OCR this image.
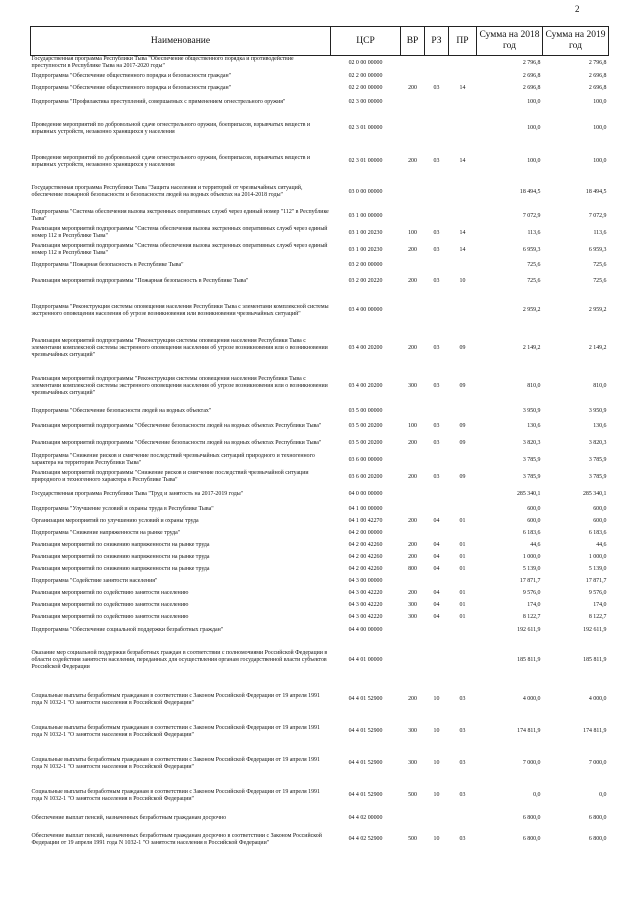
2
Наименование	ЦСР	ВР	РЗ	ПР	Сумма на 2018 год	Сумма на 2019 год
Государственная программа Республики Тыва "Обеспечение общественного порядка и противодействие преступности в Республике Тыва на 2017-2020 годы"	02 0 00 00000				2 796,8	2 796,8
Подпрограмма "Обеспечение общественного порядка и безопасности граждан"	02 2 00 00000				2 696,8	2 696,8
Подпрограмма "Обеспечение общественного порядка и безопасности граждан"	02 2 00 00000	200	03	14	2 696,8	2 696,8
Подпрограмма "Профилактика преступлений, совершаемых с применением огнестрельного оружия"	02 3 00 00000				100,0	100,0
Проведение мероприятий по добровольной сдаче огнестрельного оружия, боеприпасов, взрывчатых веществ и взрывных устройств, незаконно хранящихся у населения	02 3 01 00000				100,0	100,0
Проведение мероприятий по добровольной сдаче огнестрельного оружия, боеприпасов, взрывчатых веществ и взрывных устройств, незаконно хранящихся у населения	02 3 01 00000	200	03	14	100,0	100,0
Государственная программа Республики Тыва "Защита населения и территорий от чрезвычайных ситуаций, обеспечение пожарной безопасности и безопасности людей на водных объектах на 2014-2018 годы"	03 0 00 00000				18 494,5	18 494,5
Подпрограмма "Система обеспечения вызова экстренных оперативных служб через единый номер "112" в Республике Тыва"	03 1 00 00000				7 072,9	7 072,9
Реализация мероприятий подпрограммы "Система обеспечения вызова экстренных оперативных служб через единый номер 112 в Республике Тыва"	03 1 00 20230	100	03	14	113,6	113,6
Реализация мероприятий подпрограммы "Система обеспечения вызова экстренных оперативных служб через единый номер 112 в Республике Тыва"	03 1 00 20230	200	03	14	6 959,3	6 959,3
Подпрограмма "Пожарная безопасность в Республике Тыва"	03 2 00 00000				725,6	725,6
Реализация мероприятий подпрограммы "Пожарная безопасность в Республике Тыва"	03 2 00 20220	200	03	10	725,6	725,6
Подпрограмма "Реконструкция системы оповещения населения Республики Тыва с элементами комплексной системы экстренного оповещения населения об угрозе возникновения или возникновении чрезвычайных ситуаций"	03 4 00 00000				2 959,2	2 959,2
Реализация мероприятий подпрограммы "Реконструкция системы оповещения населения Республики Тыва с элементами комплексной системы экстренного оповещения населения об угрозе возникновения или о возникновении чрезвычайных ситуаций"	03 4 00 20200	200	03	09	2 149,2	2 149,2
Реализация мероприятий подпрограммы "Реконструкция системы оповещения населения Республики Тыва с элементами комплексной системы экстренного оповещения населения об угрозе возникновения или о возникновении чрезвычайных ситуаций"	03 4 00 20200	300	03	09	810,0	810,0
Подпрограмма "Обеспечение безопасности людей на водных объектах"	03 5 00 00000				3 950,9	3 950,9
Реализация мероприятий подпрограммы "Обеспечение безопасности людей на водных объектах Республики Тыва"	03 5 00 20200	100	03	09	130,6	130,6
Реализация мероприятий подпрограммы "Обеспечение безопасности людей на водных объектах Республики Тыва"	03 5 00 20200	200	03	09	3 820,3	3 820,3
Подпрограмма "Снижение рисков и смягчение последствий чрезвычайных ситуаций природного и техногенного характера на территории Республики Тыва"	03 6 00 00000				3 785,9	3 785,9
Реализация мероприятий подпрограммы "Снижение рисков и смягчение последствий чрезвычайной ситуации природного и техногенного характера в Республике Тыва"	03 6 00 20200	200	03	09	3 785,9	3 785,9
Государственная программа Республики Тыва "Труд и занятость на 2017-2019 годы"	04 0 00 00000				285 340,1	285 340,1
Подпрограмма "Улучшение условий и охраны труда в Республике Тыва"	04 1 00 00000				600,0	600,0
Организация мероприятий по улучшению условий и охраны труда	04 1 00 42270	200	04	01	600,0	600,0
Подпрограмма "Снижение напряженности на рынке труда"	04 2 00 00000				6 183,6	6 183,6
Реализация мероприятий по снижению напряженности на рынке труда	04 2 00 42260	200	04	01	44,6	44,6
Реализация мероприятий по снижению напряженности на рынке труда	04 2 00 42260	200	04	01	1 000,0	1 000,0
Реализация мероприятий по снижению напряженности на рынке труда	04 2 00 42260	800	04	01	5 139,0	5 139,0
Подпрограмма "Содействие занятости населения"	04 3 00 00000				17 871,7	17 871,7
Реализация мероприятий по содействию занятости населению	04 3 00 42220	200	04	01	9 576,0	9 576,0
Реализация мероприятий по содействию занятости населению	04 3 00 42220	300	04	01	174,0	174,0
Реализация мероприятий по содействию занятости населению	04 3 00 42220	300	04	01	8 122,7	8 122,7
Подпрограмма "Обеспечение социальной поддержки безработных граждан"	04 4 00 00000				192 611,9	192 611,9
Оказание мер социальной поддержки безработных граждан в соответствии с полномочиями Российской Федерации в области содействия занятости населения, переданных для осуществления органам государственной власти субъектов Российской Федерации	04 4 01 00000				185 811,9	185 811,9
Социальные выплаты безработным гражданам в соответствии с Законом Российской Федерации от 19 апреля 1991 года N 1032-1 "О занятости населения в Российской Федерации"	04 4 01 52900	200	10	03	4 000,0	4 000,0
Социальные выплаты безработным гражданам в соответствии с Законом Российской Федерации от 19 апреля 1991 года N 1032-1 "О занятости населения в Российской Федерации"	04 4 01 52900	300	10	03	174 811,9	174 811,9
Социальные выплаты безработным гражданам в соответствии с Законом Российской Федерации от 19 апреля 1991 года N 1032-1 "О занятости населения в Российской Федерации"	04 4 01 52900	300	10	03	7 000,0	7 000,0
Социальные выплаты безработным гражданам в соответствии с Законом Российской Федерации от 19 апреля 1991 года N 1032-1 "О занятости населения в Российской Федерации"	04 4 01 52900	500	10	03	0,0	0,0
Обеспечение выплат пенсий, назначенных безработным гражданам досрочно	04 4 02 00000				6 800,0	6 800,0
Обеспечение выплат пенсий, назначенных безработным гражданам досрочно в соответствии с Законом Российской Федерации от 19 апреля 1991 года N 1032-1 "О занятости населения в Российской Федерации"	04 4 02 52900	500	10	03	6 800,0	6 800,0
